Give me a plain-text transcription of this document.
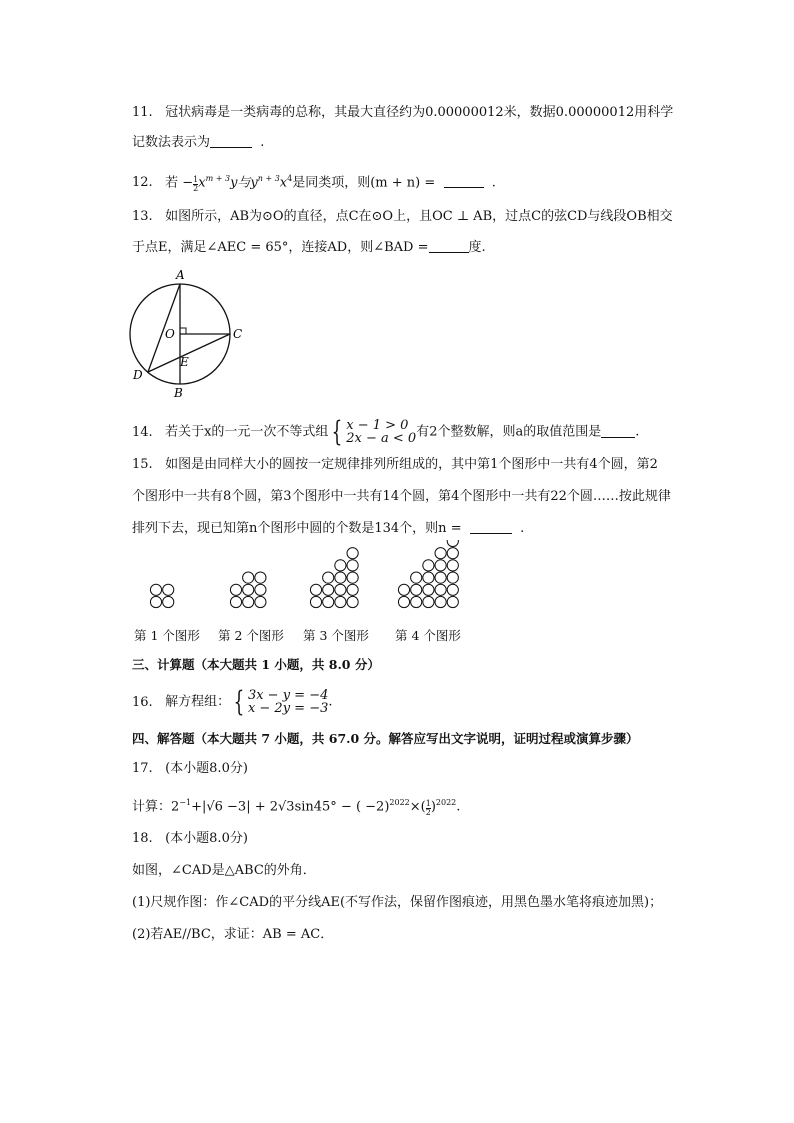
11. 冠状病毒是一类病毒的总称，其最大直径约为0.00000012米，数据0.00000012用科学
记数法表示为	.
12. 若 − $\frac{1}{2} x^{m + 3}y$与$y^{n + 3}x^4$是同类项，则(m + n) =	.
13. 如图所示，AB为⊙O的直径，点C在⊙O上，且OC ⊥ AB，过点C的弦CD与线段OB相交
于点E，满足∠AEC = 65°，连接AD，则∠BAD =	度.
A
B
C
D
O
E
14. 若关于x的一元一次不等式组 { x − 1 > 0
2x − a < 0 有2个整数解，则a的取值范围是	.
15. 如图是由同样大小的圆按一定规律排列所组成的，其中第1个图形中一共有4个圆，第2
个图形中一共有8个圆，第3个图形中一共有14个圆，第4个图形中一共有22个圆……按此规律
排列下去，现已知第n个图形中圆的个数是134个，则n =	.
第 1 个图形 第 2 个图形 第 3 个图形 第 4 个图形
三、计算题（本大题共 1 小题，共 8.0 分）
16. 解方程组： { 3x − y = −4
x − 2y = −3 .
四、解答题（本大题共 7 小题，共 67.0 分。解答应写出文字说明，证明过程或演算步骤）
17. (本小题8.0分)
计算：$2^{-1}+|√6 -3| + 2√3\sin 45^\circ$ − ( $-2)^{2022}\times( \frac{1}{2} )^{2022}$.
18. (本小题8.0分)
如图，∠CAD是△ABC的外角．
(1)尺规作图：作∠CAD的平分线AE(不写作法，保留作图痕迹，用黑色墨水笔将痕迹加黑)；
(2)若AE//BC，求证：AB = AC．
